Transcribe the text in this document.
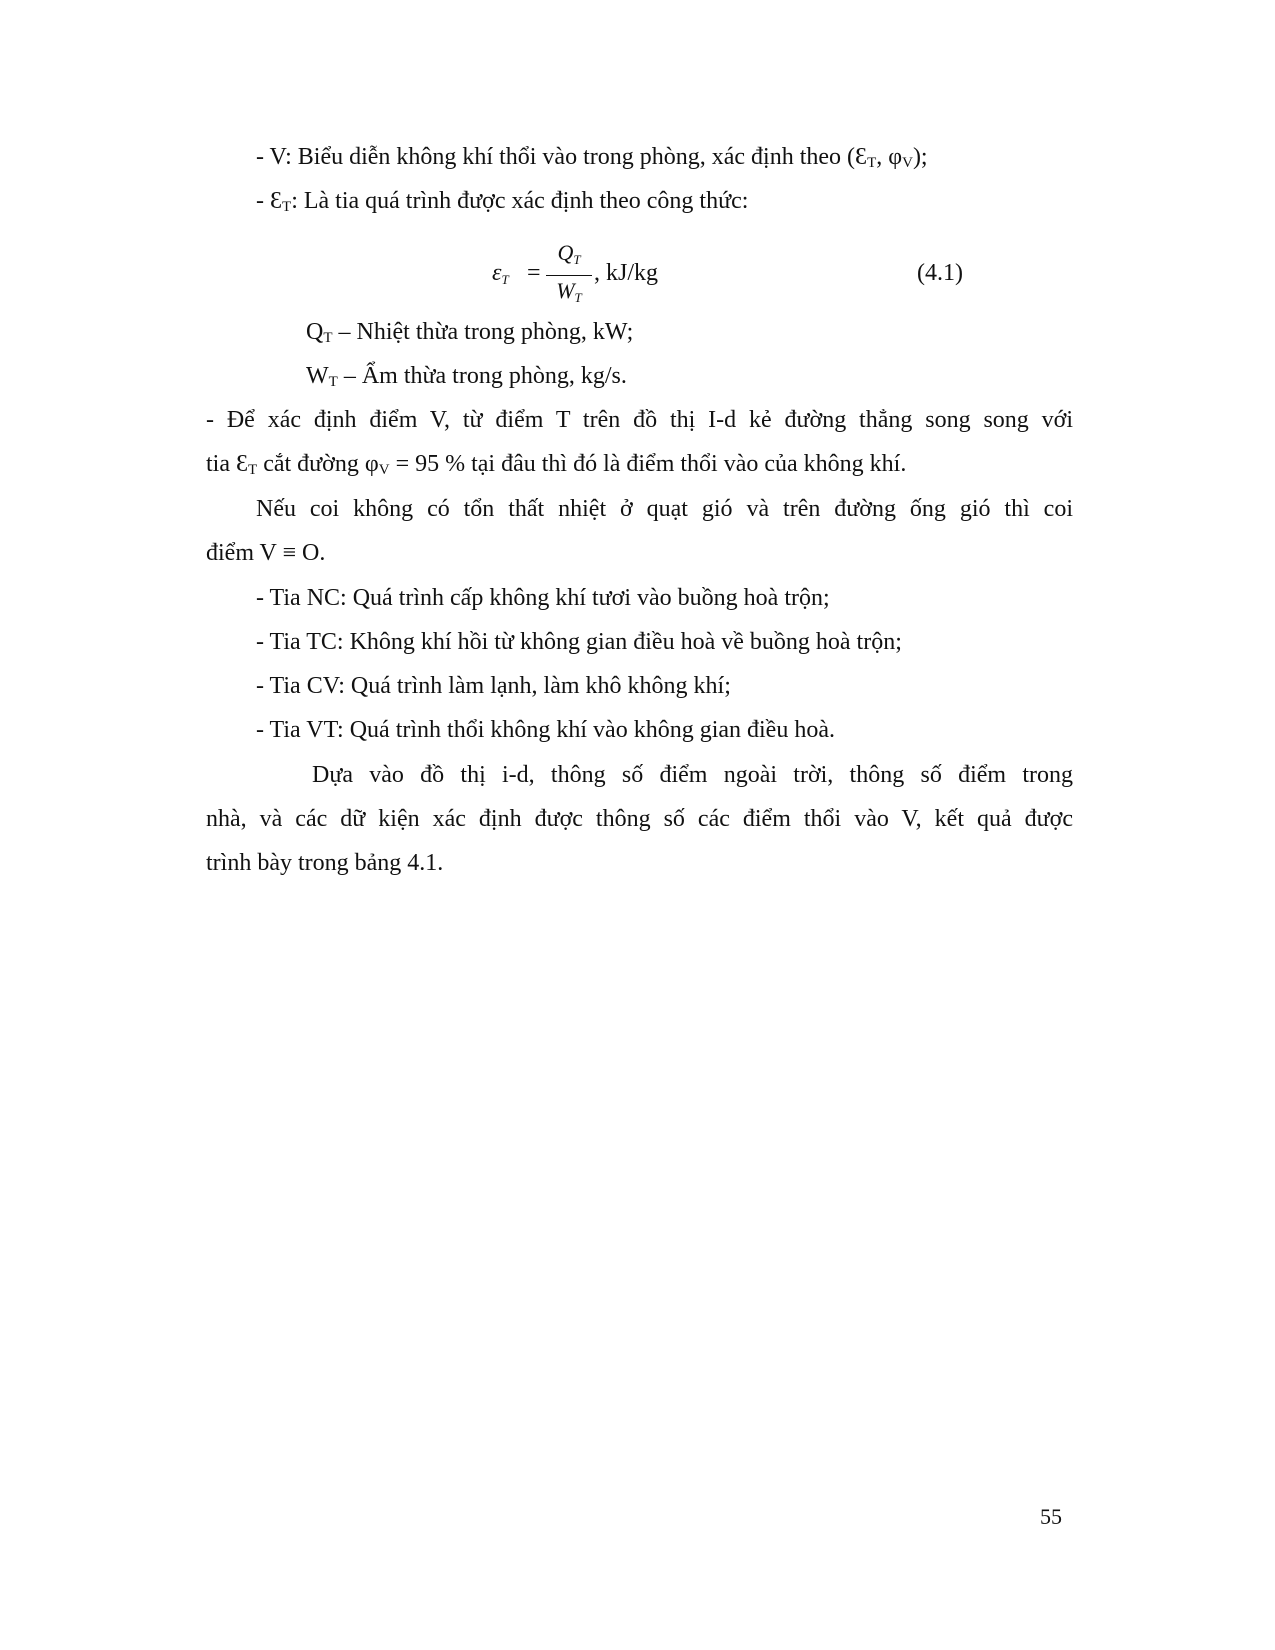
- V: Biểu diễn không khí thổi vào trong phòng, xác định theo ($Ɛ_T$, $\varphi_V$);
- $Ɛ_T$: Là tia quá trình được xác định theo công thức:
εT =
QT
WT
, kJ/kg	(4.1)
$Q_T$ – Nhiệt thừa trong phòng, kW;
$W_T$ – Ẩm thừa trong phòng, kg/s.
- Để xác định điểm V, từ điểm T trên đồ thị I-d kẻ đường thẳng song song với
tia $Ɛ_T$ cắt đường $\varphi_V = 95$ % tại đâu thì đó là điểm thổi vào của không khí.
Nếu coi không có tổn thất nhiệt ở quạt gió và trên đường ống gió thì coi
điểm V ≡ O.
- Tia NC: Quá trình cấp không khí tươi vào buồng hoà trộn;
- Tia TC: Không khí hồi từ không gian điều hoà về buồng hoà trộn;
- Tia CV: Quá trình làm lạnh, làm khô không khí;
- Tia VT: Quá trình thổi không khí vào không gian điều hoà.
Dựa vào đồ thị i-d, thông số điểm ngoài trời, thông số điểm trong
nhà, và các dữ kiện xác định được thông số các điểm thổi vào V, kết quả được
trình bày trong bảng 4.1.
55
